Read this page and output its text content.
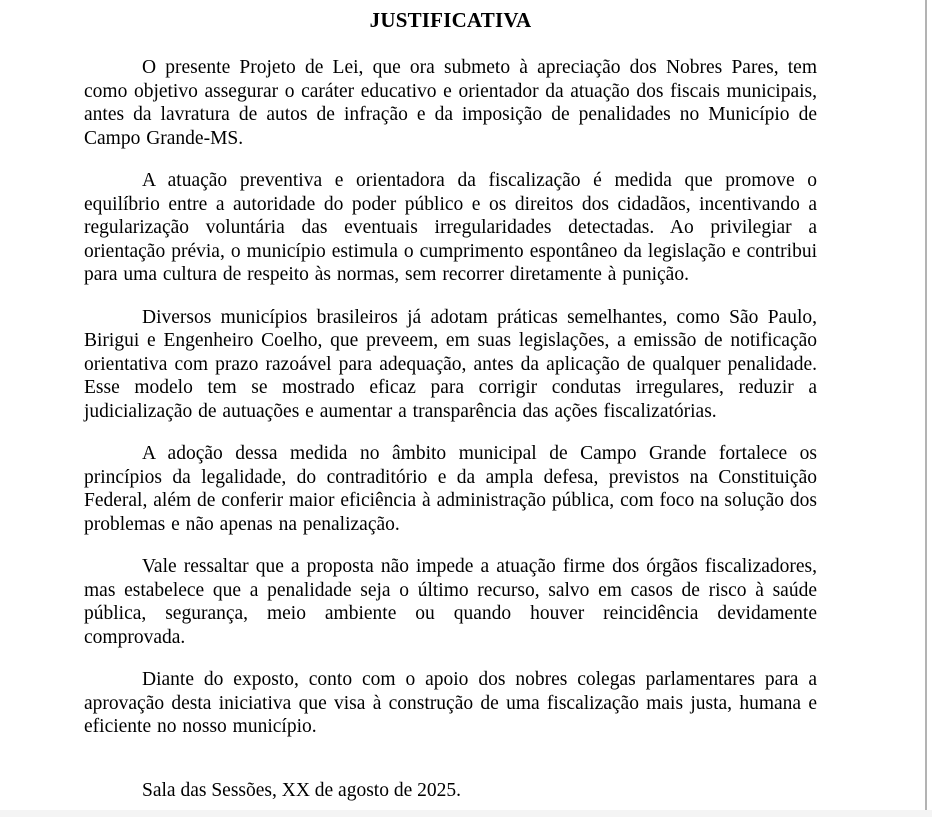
JUSTIFICATIVA

O presente Projeto de Lei, que ora submeto à apreciação dos Nobres Pares, tem como objetivo assegurar o caráter educativo e orientador da atuação dos fiscais municipais, antes da lavratura de autos de infração e da imposição de penalidades no Município de Campo Grande-MS.

A atuação preventiva e orientadora da fiscalização é medida que promove o equilíbrio entre a autoridade do poder público e os direitos dos cidadãos, incentivando a regularização voluntária das eventuais irregularidades detectadas. Ao privilegiar a orientação prévia, o município estimula o cumprimento espontâneo da legislação e contribui para uma cultura de respeito às normas, sem recorrer diretamente à punição.

Diversos municípios brasileiros já adotam práticas semelhantes, como São Paulo, Birigui e Engenheiro Coelho, que preveem, em suas legislações, a emissão de notificação orientativa com prazo razoável para adequação, antes da aplicação de qualquer penalidade. Esse modelo tem se mostrado eficaz para corrigir condutas irregulares, reduzir a judicialização de autuações e aumentar a transparência das ações fiscalizatórias.

A adoção dessa medida no âmbito municipal de Campo Grande fortalece os princípios da legalidade, do contraditório e da ampla defesa, previstos na Constituição Federal, além de conferir maior eficiência à administração pública, com foco na solução dos problemas e não apenas na penalização.

Vale ressaltar que a proposta não impede a atuação firme dos órgãos fiscalizadores, mas estabelece que a penalidade seja o último recurso, salvo em casos de risco à saúde pública, segurança, meio ambiente ou quando houver reincidência devidamente comprovada.

Diante do exposto, conto com o apoio dos nobres colegas parlamentares para a aprovação desta iniciativa que visa à construção de uma fiscalização mais justa, humana e eficiente no nosso município.

Sala das Sessões, XX de agosto de 2025.
